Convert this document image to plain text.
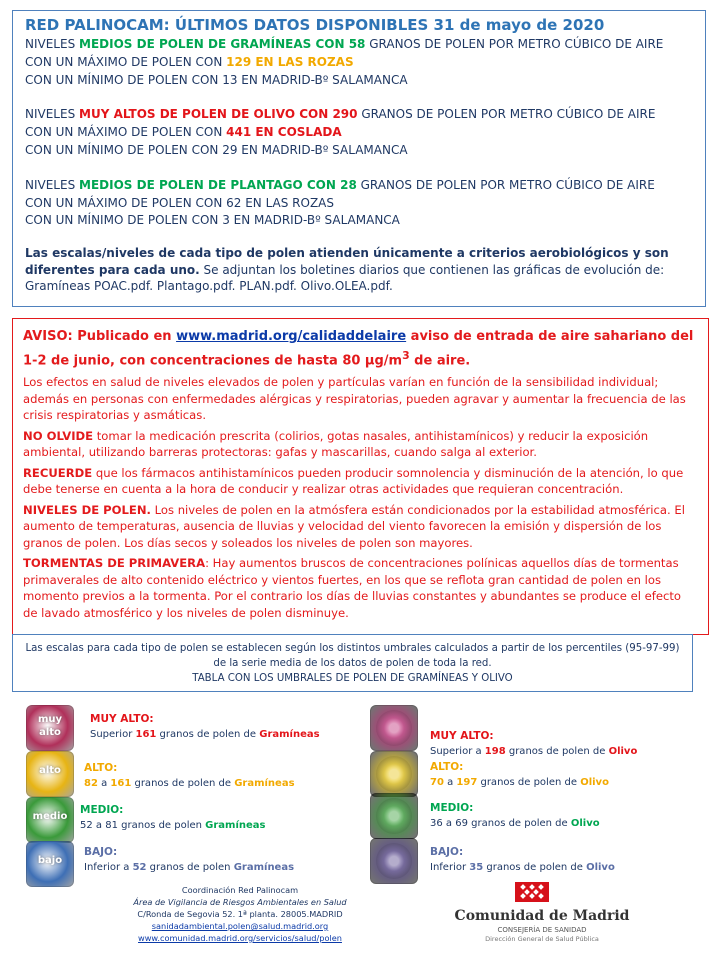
RED PALINOCAM: ÚLTIMOS DATOS DISPONIBLES 31 de mayo de 2020
NIVELES MEDIOS DE POLEN DE GRAMÍNEAS CON 58 GRANOS DE POLEN POR METRO CÚBICO DE AIRE
CON UN MÁXIMO DE POLEN CON 129 EN LAS ROZAS
CON UN MÍNIMO DE POLEN CON 13 EN MADRID-Bº SALAMANCA
NIVELES MUY ALTOS DE POLEN DE OLIVO CON 290 GRANOS DE POLEN POR METRO CÚBICO DE AIRE
CON UN MÁXIMO DE POLEN CON 441 EN COSLADA
CON UN MÍNIMO DE POLEN CON 29 EN MADRID-Bº SALAMANCA
NIVELES MEDIOS DE POLEN DE PLANTAGO CON 28 GRANOS DE POLEN POR METRO CÚBICO DE AIRE
CON UN MÁXIMO DE POLEN CON 62 EN LAS ROZAS
CON UN MÍNIMO DE POLEN CON 3 EN MADRID-Bº SALAMANCA
Las escalas/niveles de cada tipo de polen atienden únicamente a criterios aerobiológicos y son diferentes para cada uno. Se adjuntan los boletines diarios que contienen las gráficas de evolución de: Gramíneas POAC.pdf. Plantago.pdf. PLAN.pdf. Olivo.OLEA.pdf.
AVISO: Publicado en www.madrid.org/calidaddelaire aviso de entrada de aire sahariano del 1-2 de junio, con concentraciones de hasta 80 $\mu g/m^3$ de aire.
Los efectos en salud de niveles elevados de polen y partículas varían en función de la sensibilidad individual; además en personas con enfermedades alérgicas y respiratorias, pueden agravar y aumentar la frecuencia de las crisis respiratorias y asmáticas.
NO OLVIDE tomar la medicación prescrita (colirios, gotas nasales, antihistamínicos) y reducir la exposición ambiental, utilizando barreras protectoras: gafas y mascarillas, cuando salga al exterior.
RECUERDE que los fármacos antihistamínicos pueden producir somnolencia y disminución de la atención, lo que debe tenerse en cuenta a la hora de conducir y realizar otras actividades que requieran concentración.
NIVELES DE POLEN. Los niveles de polen en la atmósfera están condicionados por la estabilidad atmosférica. El aumento de temperaturas, ausencia de lluvias y velocidad del viento favorecen la emisión y dispersión de los granos de polen. Los días secos y soleados los niveles de polen son mayores.
TORMENTAS DE PRIMAVERA: Hay aumentos bruscos de concentraciones polínicas aquellos días de tormentas primaverales de alto contenido eléctrico y vientos fuertes, en los que se reflota gran cantidad de polen en los momento previos a la tormenta. Por el contrario los días de lluvias constantes y abundantes se produce el efecto de lavado atmosférico y los niveles de polen disminuye.
Las escalas para cada tipo de polen se establecen según los distintos umbrales calculados a partir de los percentiles (95-97-99) de la serie media de los datos de polen de toda la red.
TABLA CON LOS UMBRALES DE POLEN DE GRAMÍNEAS Y OLIVO
muy alto
alto
medio
bajo
MUY ALTO:
Superior 161 granos de polen de Gramíneas
ALTO:
82 a 161 granos de polen de Gramíneas
MEDIO:
52 a 81 granos de polen Gramíneas
BAJO:
Inferior a 52 granos de polen Gramíneas
MUY ALTO:
Superior a 198 granos de polen de Olivo
ALTO:
70 a 197 granos de polen de Olivo
MEDIO:
36 a 69 granos de polen de Olivo
BAJO:
Inferior 35 granos de polen de Olivo
Coordinación Red Palinocam
Área de Vigilancia de Riesgos Ambientales en Salud
C/Ronda de Segovia 52. 1ª planta. 28005.MADRID
sanidadambiental.polen@salud.madrid.org
www.comunidad.madrid.org/servicios/salud/polen
Comunidad de Madrid
CONSEJERÍA DE SANIDAD
Dirección General de Salud Pública
